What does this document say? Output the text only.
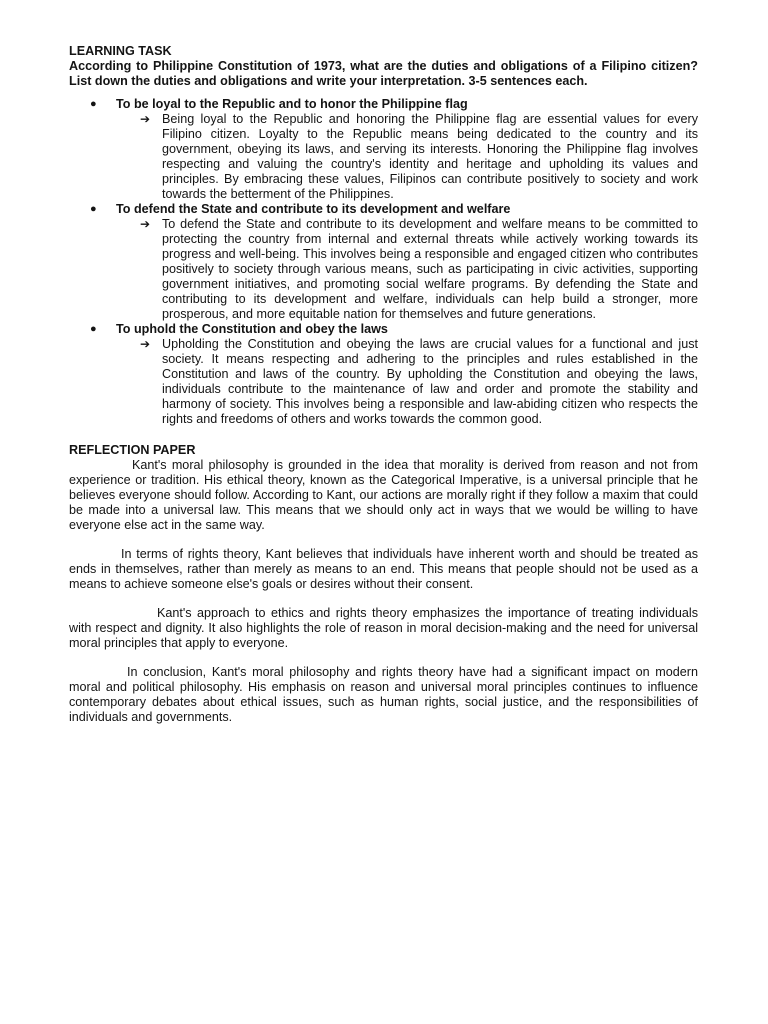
LEARNING TASK

According to Philippine Constitution of 1973, what are the duties and obligations of a Filipino citizen? List down the duties and obligations and write your interpretation. 3-5 sentences each.

● To be loyal to the Republic and to honor the Philippine flag
➔ Being loyal to the Republic and honoring the Philippine flag are essential values for every Filipino citizen. Loyalty to the Republic means being dedicated to the country and its government, obeying its laws, and serving its interests. Honoring the Philippine flag involves respecting and valuing the country's identity and heritage and upholding its values and principles. By embracing these values, Filipinos can contribute positively to society and work towards the betterment of the Philippines.
● To defend the State and contribute to its development and welfare
➔ To defend the State and contribute to its development and welfare means to be committed to protecting the country from internal and external threats while actively working towards its progress and well-being. This involves being a responsible and engaged citizen who contributes positively to society through various means, such as participating in civic activities, supporting government initiatives, and promoting social welfare programs. By defending the State and contributing to its development and welfare, individuals can help build a stronger, more prosperous, and more equitable nation for themselves and future generations.
● To uphold the Constitution and obey the laws
➔ Upholding the Constitution and obeying the laws are crucial values for a functional and just society. It means respecting and adhering to the principles and rules established in the Constitution and laws of the country. By upholding the Constitution and obeying the laws, individuals contribute to the maintenance of law and order and promote the stability and harmony of society. This involves being a responsible and law-abiding citizen who respects the rights and freedoms of others and works towards the common good.

REFLECTION PAPER

Kant's moral philosophy is grounded in the idea that morality is derived from reason and not from experience or tradition. His ethical theory, known as the Categorical Imperative, is a universal principle that he believes everyone should follow. According to Kant, our actions are morally right if they follow a maxim that could be made into a universal law. This means that we should only act in ways that we would be willing to have everyone else act in the same way.

In terms of rights theory, Kant believes that individuals have inherent worth and should be treated as ends in themselves, rather than merely as means to an end. This means that people should not be used as a means to achieve someone else's goals or desires without their consent.

Kant's approach to ethics and rights theory emphasizes the importance of treating individuals with respect and dignity. It also highlights the role of reason in moral decision-making and the need for universal moral principles that apply to everyone.

In conclusion, Kant's moral philosophy and rights theory have had a significant impact on modern moral and political philosophy. His emphasis on reason and universal moral principles continues to influence contemporary debates about ethical issues, such as human rights, social justice, and the responsibilities of individuals and governments.
